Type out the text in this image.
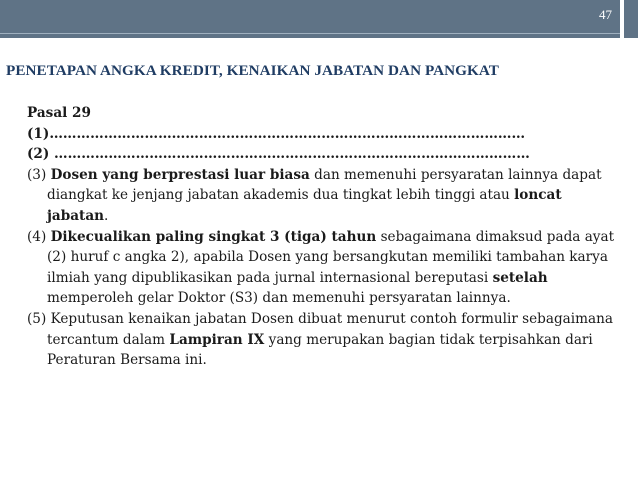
47
PENETAPAN ANGKA KREDIT, KENAIKAN JABATAN DAN PANGKAT
Pasal 29
(1)……………………………………………………………………………………………
(2) ……………………………………………………………………………………………
(3) Dosen yang berprestasi luar biasa dan memenuhi persyaratan lainnya dapat diangkat ke jenjang jabatan akademis dua tingkat lebih tinggi atau loncat jabatan.
(4) Dikecualikan paling singkat 3 (tiga) tahun sebagaimana dimaksud pada ayat (2) huruf c angka 2), apabila Dosen yang bersangkutan memiliki tambahan karya ilmiah yang dipublikasikan pada jurnal internasional bereputasi setelah memperoleh gelar Doktor (S3) dan memenuhi persyaratan lainnya.
(5) Keputusan kenaikan jabatan Dosen dibuat menurut contoh formulir sebagaimana tercantum dalam Lampiran IX yang merupakan bagian tidak terpisahkan dari Peraturan Bersama ini.
